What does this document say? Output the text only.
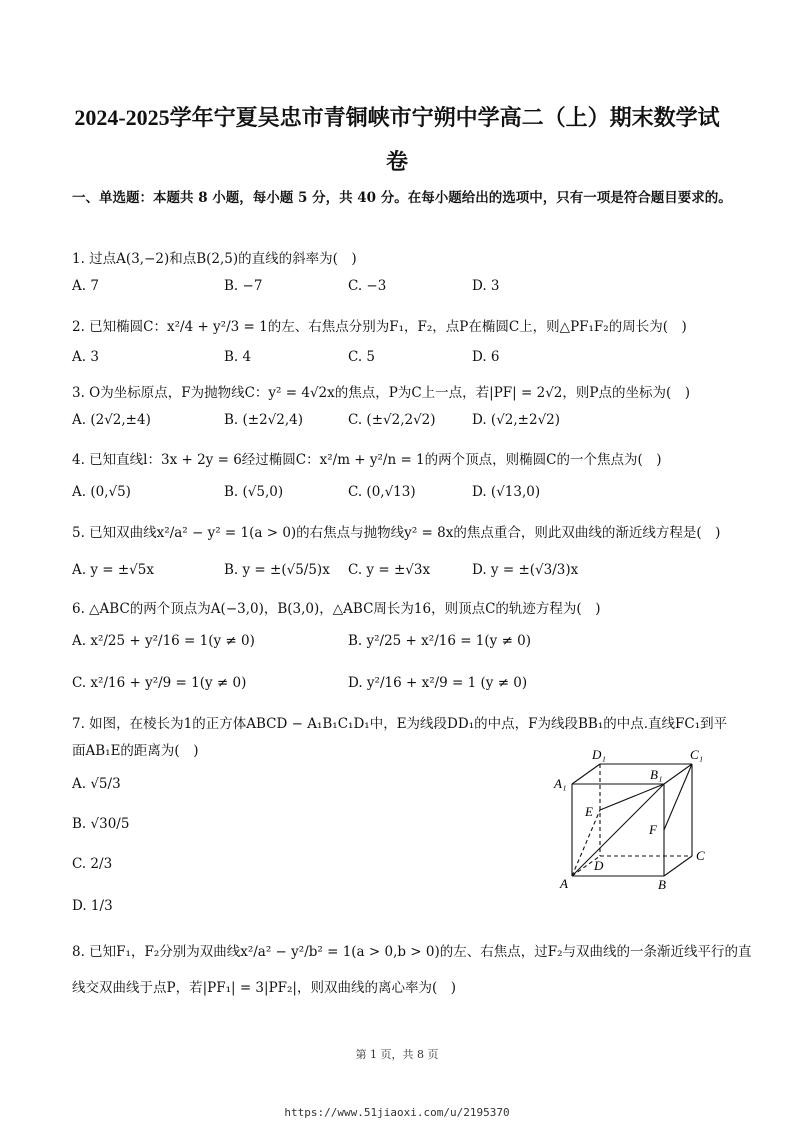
2024-2025学年宁夏吴忠市青铜峡市宁朔中学高二（上）期末数学试
卷
一、单选题：本题共 8 小题，每小题 5 分，共 40 分。在每小题给出的选项中，只有一项是符合题目要求的。
1. 过点A(3,−2)和点B(2,5)的直线的斜率为(　)
A. 7	B. −7	C. −3	D. 3
2. 已知椭圆C：x²/4 + y²/3 = 1的左、右焦点分别为F₁，F₂，点P在椭圆C上，则△PF₁F₂的周长为(　)
A. 3	B. 4	C. 5	D. 6
3. O为坐标原点，F为抛物线C：y² = 4√2x的焦点，P为C上一点，若|PF| = 2√2，则P点的坐标为(　)
A. (2√2,±4)	B. (±2√2,4)	C. (±√2,2√2)	D. (√2,±2√2)
4. 已知直线l：3x + 2y = 6经过椭圆C：x²/m + y²/n = 1的两个顶点，则椭圆C的一个焦点为(　)
A. (0,√5)	B. (√5,0)	C. (0,√13)	D. (√13,0)
5. 已知双曲线x²/a² − y² = 1(a > 0)的右焦点与抛物线y² = 8x的焦点重合，则此双曲线的渐近线方程是(　)
A. y = ±√5x	B. y = ±(√5/5)x C. y = ±√3x	D. y = ±(√3/3)x
6. △ABC的两个顶点为A(−3,0)，B(3,0)，△ABC周长为16，则顶点C的轨迹方程为(　)
A. x²/25 + y²/16 = 1(y ≠ 0)	B. y²/25 + x²/16 = 1(y ≠ 0)
C. x²/16 + y²/9 = 1(y ≠ 0)	D. y²/16 + x²/9 = 1 (y ≠ 0)
7. 如图，在棱长为1的正方体ABCD − A₁B₁C₁D₁中，E为线段DD₁的中点，F为线段BB₁的中点.直线FC₁到平
面AB₁E的距离为(　)
A. √5/3
B. √30/5
C. 2/3
D. 1/3
D₁	C₁
A₁
B₁
E
F
D
C
A	B
8. 已知F₁，F₂分别为双曲线x²/a² − y²/b² = 1(a > 0,b > 0)的左、右焦点，过F₂与双曲线的一条渐近线平行的直
线交双曲线于点P，若|PF₁| = 3|PF₂|，则双曲线的离心率为(　)
第 1 页，共 8 页
https://www.51jiaoxi.com/u/2195370
